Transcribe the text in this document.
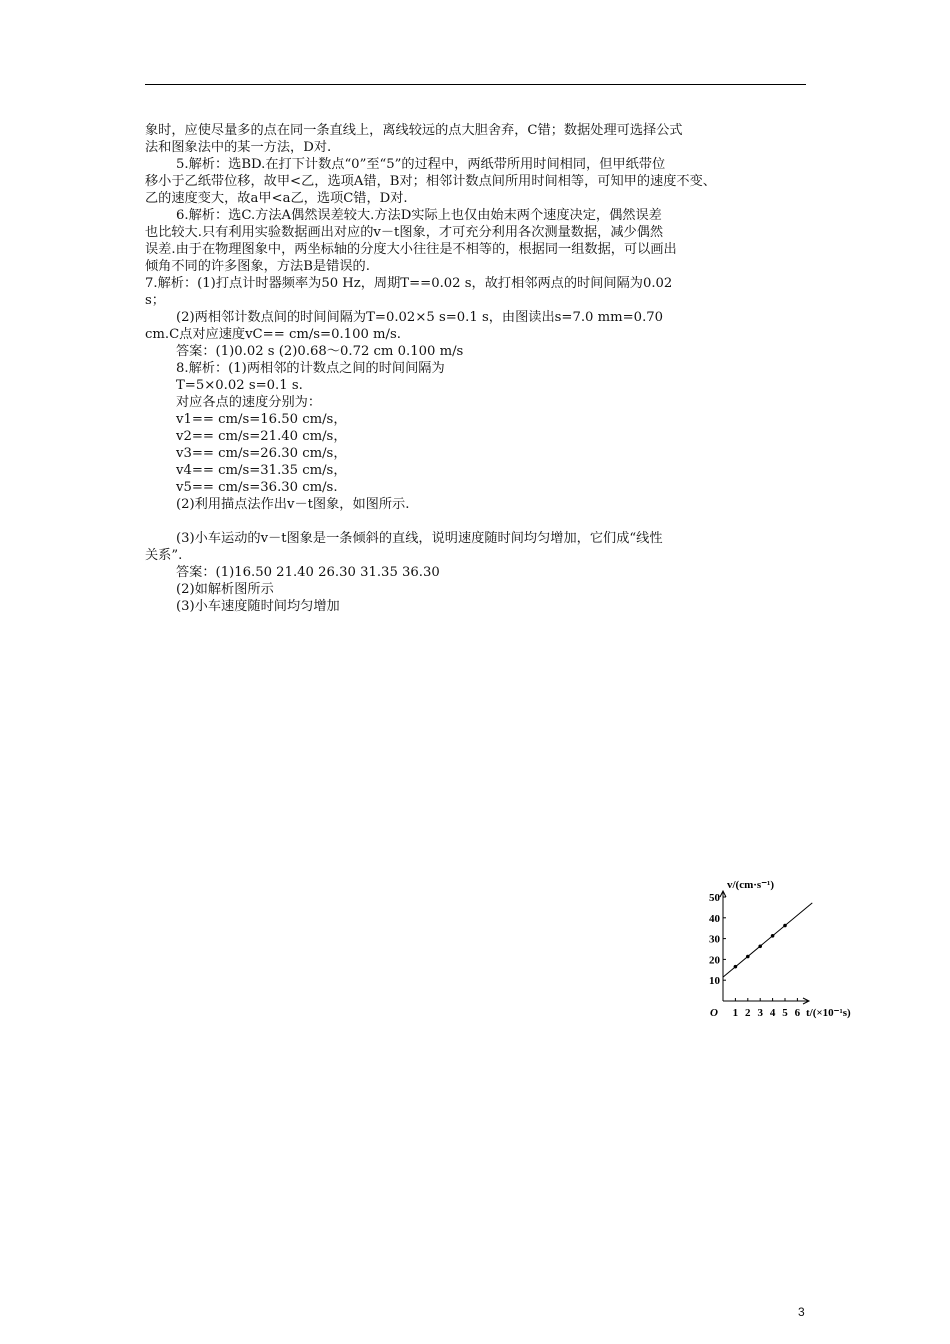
象时，应使尽量多的点在同一条直线上，离线较远的点大胆舍弃，C错；数据处理可选择公式
法和图象法中的某一方法，D对.
5.解析：选BD.在打下计数点“0”至“5”的过程中，两纸带所用时间相同，但甲纸带位
移小于乙纸带位移，故甲<乙，选项A错，B对；相邻计数点间所用时间相等，可知甲的速度不变、
乙的速度变大，故a甲<a乙，选项C错，D对.
6.解析：选C.方法A偶然误差较大.方法D实际上也仅由始末两个速度决定，偶然误差
也比较大.只有利用实验数据画出对应的v－t图象，才可充分利用各次测量数据，减少偶然
误差.由于在物理图象中，两坐标轴的分度大小往往是不相等的，根据同一组数据，可以画出
倾角不同的许多图象，方法B是错误的.
7.解析：(1)打点计时器频率为50 Hz，周期T==0.02 s，故打相邻两点的时间间隔为0.02
s；
(2)两相邻计数点间的时间间隔为T=0.02×5 s=0.1 s，由图读出s=7.0 mm=0.70
cm.C点对应速度vC== cm/s=0.100 m/s.
答案：(1)0.02 s (2)0.68～0.72 cm 0.100 m/s
8.解析：(1)两相邻的计数点之间的时间间隔为
T=5×0.02 s=0.1 s.
对应各点的速度分别为：
v1== cm/s=16.50 cm/s，
v2== cm/s=21.40 cm/s，
v3== cm/s=26.30 cm/s，
v4== cm/s=31.35 cm/s，
v5== cm/s=36.30 cm/s.
(2)利用描点法作出v－t图象，如图所示.

(3)小车运动的v－t图象是一条倾斜的直线，说明速度随时间均匀增加，它们成“线性
关系”.
答案：(1)16.50 21.40 26.30 31.35 36.30
(2)如解析图所示
(3)小车速度随时间均匀增加
v/(cm·s⁻¹)
t/(×10⁻¹s)
O
10
20
30
40
50
1 2 3 4 5 6
3
